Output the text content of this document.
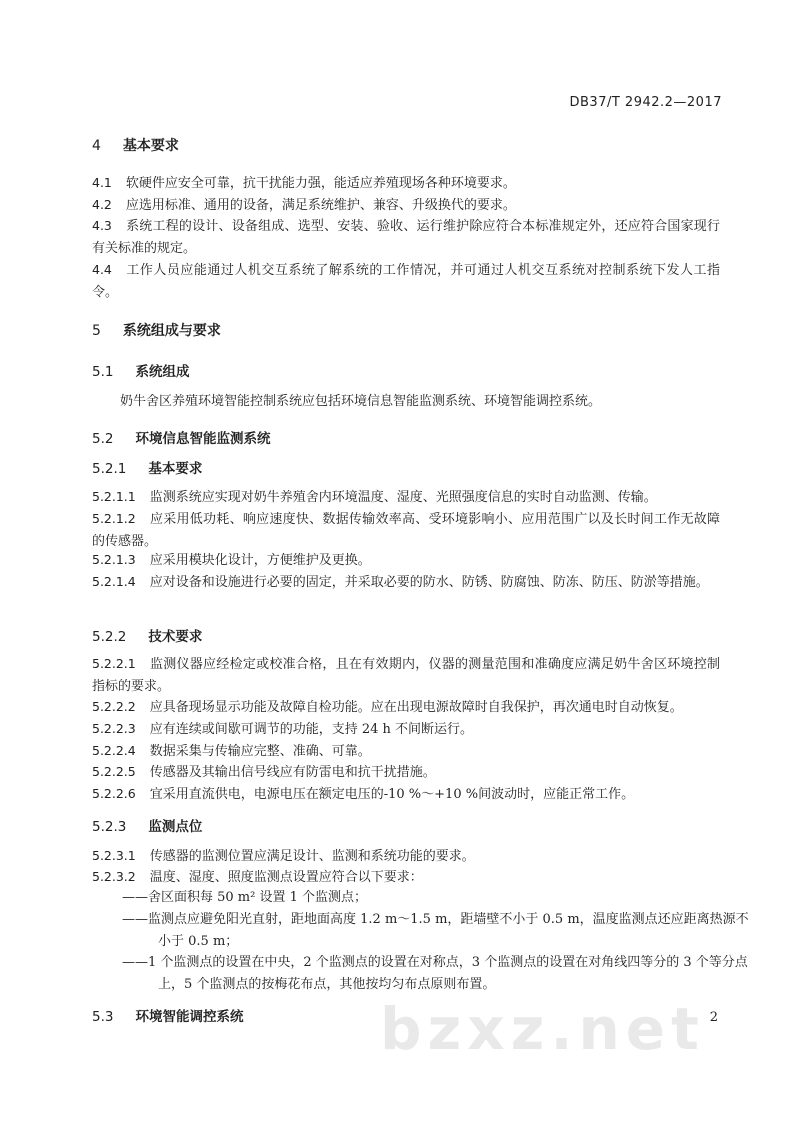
DB37/T 2942.2—2017
4 基本要求
4.1 软硬件应安全可靠，抗干扰能力强，能适应养殖现场各种环境要求。
4.2 应选用标准、通用的设备，满足系统维护、兼容、升级换代的要求。
4.3 系统工程的设计、设备组成、选型、安装、验收、运行维护除应符合本标准规定外，还应符合国家现行有关标准的规定。
4.4 工作人员应能通过人机交互系统了解系统的工作情况，并可通过人机交互系统对控制系统下发人工指令。
5 系统组成与要求
5.1 系统组成
奶牛舍区养殖环境智能控制系统应包括环境信息智能监测系统、环境智能调控系统。
5.2 环境信息智能监测系统
5.2.1 基本要求
5.2.1.1 监测系统应实现对奶牛养殖舍内环境温度、湿度、光照强度信息的实时自动监测、传输。
5.2.1.2 应采用低功耗、响应速度快、数据传输效率高、受环境影响小、应用范围广以及长时间工作无故障的传感器。
5.2.1.3 应采用模块化设计，方便维护及更换。
5.2.1.4 应对设备和设施进行必要的固定，并采取必要的防水、防锈、防腐蚀、防冻、防压、防淤等措施。
5.2.2 技术要求
5.2.2.1 监测仪器应经检定或校准合格，且在有效期内，仪器的测量范围和准确度应满足奶牛舍区环境控制指标的要求。
5.2.2.2 应具备现场显示功能及故障自检功能。应在出现电源故障时自我保护，再次通电时自动恢复。
5.2.2.3 应有连续或间歇可调节的功能，支持 24 h 不间断运行。
5.2.2.4 数据采集与传输应完整、准确、可靠。
5.2.2.5 传感器及其输出信号线应有防雷电和抗干扰措施。
5.2.2.6 宜采用直流供电，电源电压在额定电压的-10 %～+10 %间波动时，应能正常工作。
5.2.3 监测点位
5.2.3.1 传感器的监测位置应满足设计、监测和系统功能的要求。
5.2.3.2 温度、湿度、照度监测点设置应符合以下要求：
——舍区面积每 50 m² 设置 1 个监测点；
——监测点应避免阳光直射，距地面高度 1.2 m～1.5 m，距墙壁不小于 0.5 m，温度监测点还应距离热源不小于 0.5 m；
——1 个监测点的设置在中央，2 个监测点的设置在对称点，3 个监测点的设置在对角线四等分的 3 个等分点上，5 个监测点的按梅花布点，其他按均匀布点原则布置。
5.3 环境智能调控系统 bzxz.net 2
